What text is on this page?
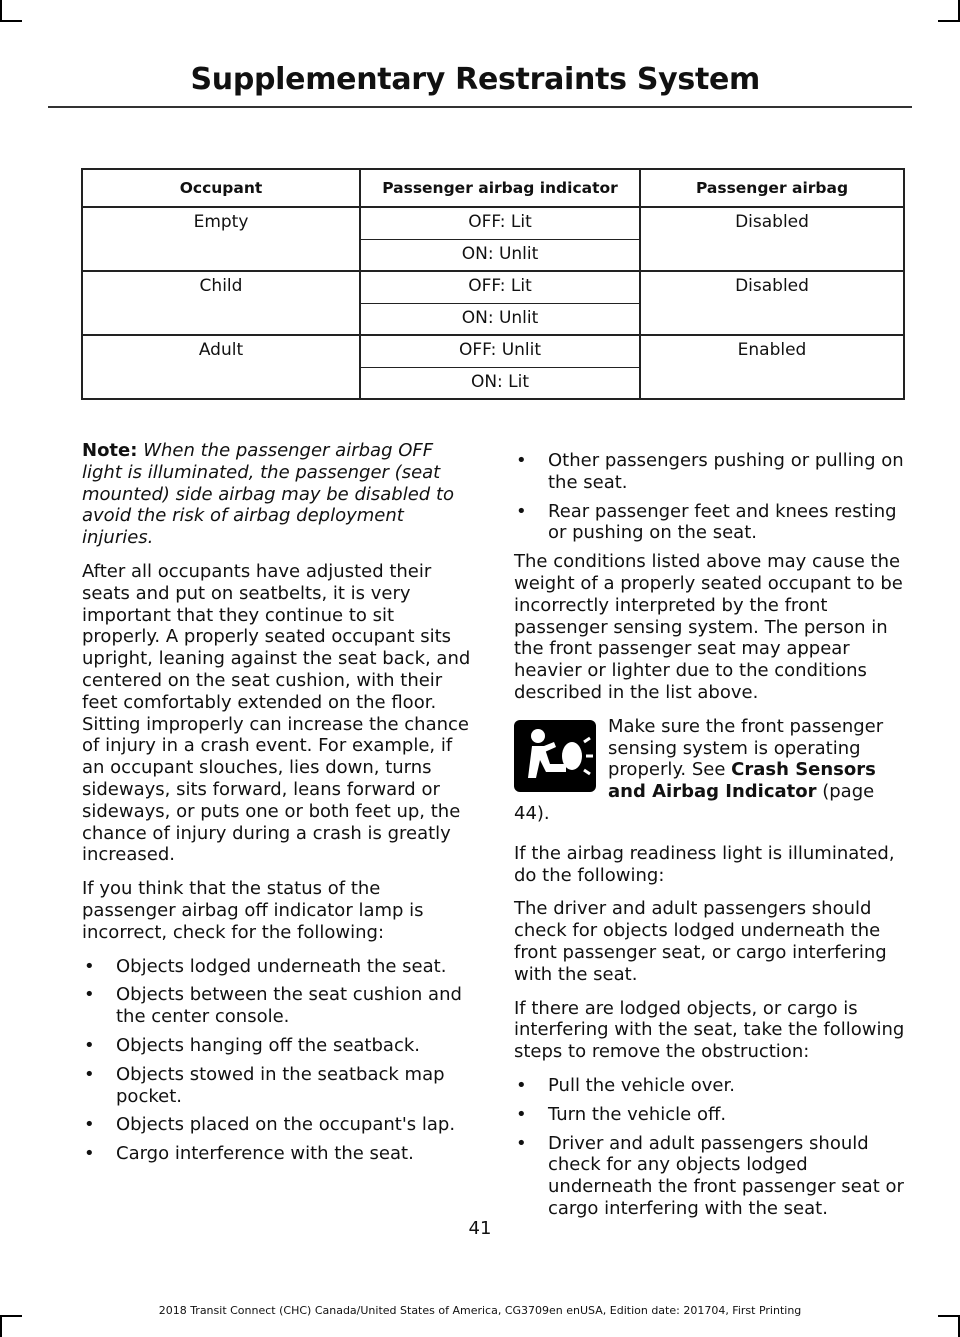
Supplementary Restraints System
Occupant	Passenger airbag indicator	Passenger airbag
Empty	OFF: Lit	Disabled
	ON: Unlit	
Child	OFF: Lit	Disabled
	ON: Unlit	
Adult	OFF: Unlit	Enabled
	ON: Lit	

Note: When the passenger airbag OFF light is illuminated, the passenger (seat mounted) side airbag may be disabled to avoid the risk of airbag deployment injuries.

After all occupants have adjusted their seats and put on seatbelts, it is very important that they continue to sit properly. A properly seated occupant sits upright, leaning against the seat back, and centered on the seat cushion, with their feet comfortably extended on the floor. Sitting improperly can increase the chance of injury in a crash event. For example, if an occupant slouches, lies down, turns sideways, sits forward, leans forward or sideways, or puts one or both feet up, the chance of injury during a crash is greatly increased.

If you think that the status of the passenger airbag off indicator lamp is incorrect, check for the following:

• Objects lodged underneath the seat.
• Objects between the seat cushion and the center console.
• Objects hanging off the seatback.
• Objects stowed in the seatback map pocket.
• Objects placed on the occupant's lap.
• Cargo interference with the seat.
• Other passengers pushing or pulling on the seat.
• Rear passenger feet and knees resting or pushing on the seat.

The conditions listed above may cause the weight of a properly seated occupant to be incorrectly interpreted by the front passenger sensing system. The person in the front passenger seat may appear heavier or lighter due to the conditions described in the list above.

Make sure the front passenger sensing system is operating properly. See Crash Sensors and Airbag Indicator (page 44).

If the airbag readiness light is illuminated, do the following:

The driver and adult passengers should check for objects lodged underneath the front passenger seat, or cargo interfering with the seat.

If there are lodged objects, or cargo is interfering with the seat, take the following steps to remove the obstruction:

• Pull the vehicle over.
• Turn the vehicle off.
• Driver and adult passengers should check for any objects lodged underneath the front passenger seat or cargo interfering with the seat.
41
2018 Transit Connect (CHC) Canada/United States of America, CG3709en enUSA, Edition date: 201704, First Printing
